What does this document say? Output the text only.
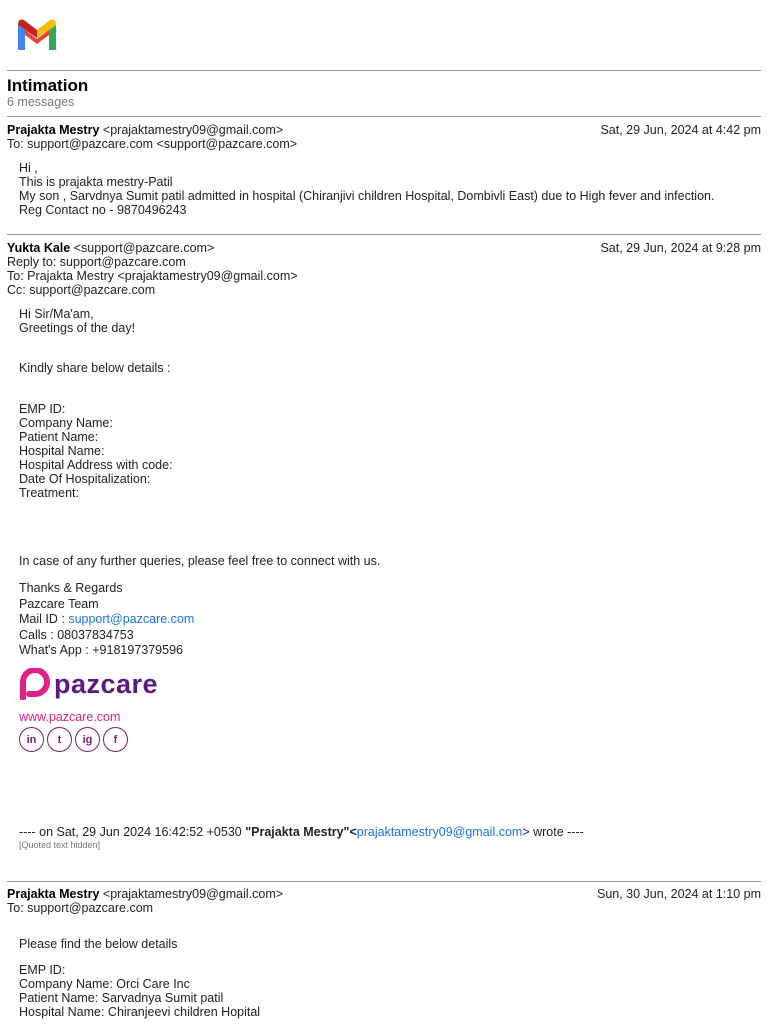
Intimation
6 messages
Prajakta Mestry <prajaktamestry09@gmail.com>	Sat, 29 Jun, 2024 at 4:42 pm
To: support@pazcare.com <support@pazcare.com>
Hi ,
This is prajakta mestry-Patil
My son , Sarvdnya Sumit patil admitted in hospital (Chiranjivi children Hospital, Dombivli East) due to High fever and infection.
Reg Contact no - 9870496243
Yukta Kale <support@pazcare.com>	Sat, 29 Jun, 2024 at 9:28 pm
Reply to: support@pazcare.com
To: Prajakta Mestry <prajaktamestry09@gmail.com>
Cc: support@pazcare.com
Hi Sir/Ma'am,
Greetings of the day!
Kindly share below details :
EMP ID:
Company Name:
Patient Name:
Hospital Name:
Hospital Address with code:
Date Of Hospitalization:
Treatment:
In case of any further queries, please feel free to connect with us.
Thanks & Regards
Pazcare Team
Mail ID : support@pazcare.com
Calls : 08037834753
What's App : +918197379596
pazcare
www.pazcare.com
in	t	ig	f
---- on Sat, 29 Jun 2024 16:42:52 +0530 "Prajakta Mestry"<prajaktamestry09@gmail.com> wrote ----
[Quoted text hidden]
Prajakta Mestry <prajaktamestry09@gmail.com>	Sun, 30 Jun, 2024 at 1:10 pm
To: support@pazcare.com
Please find the below details
EMP ID:
Company Name: Orci Care Inc
Patient Name: Sarvadnya Sumit patil
Hospital Name: Chiranjeevi children Hopital
